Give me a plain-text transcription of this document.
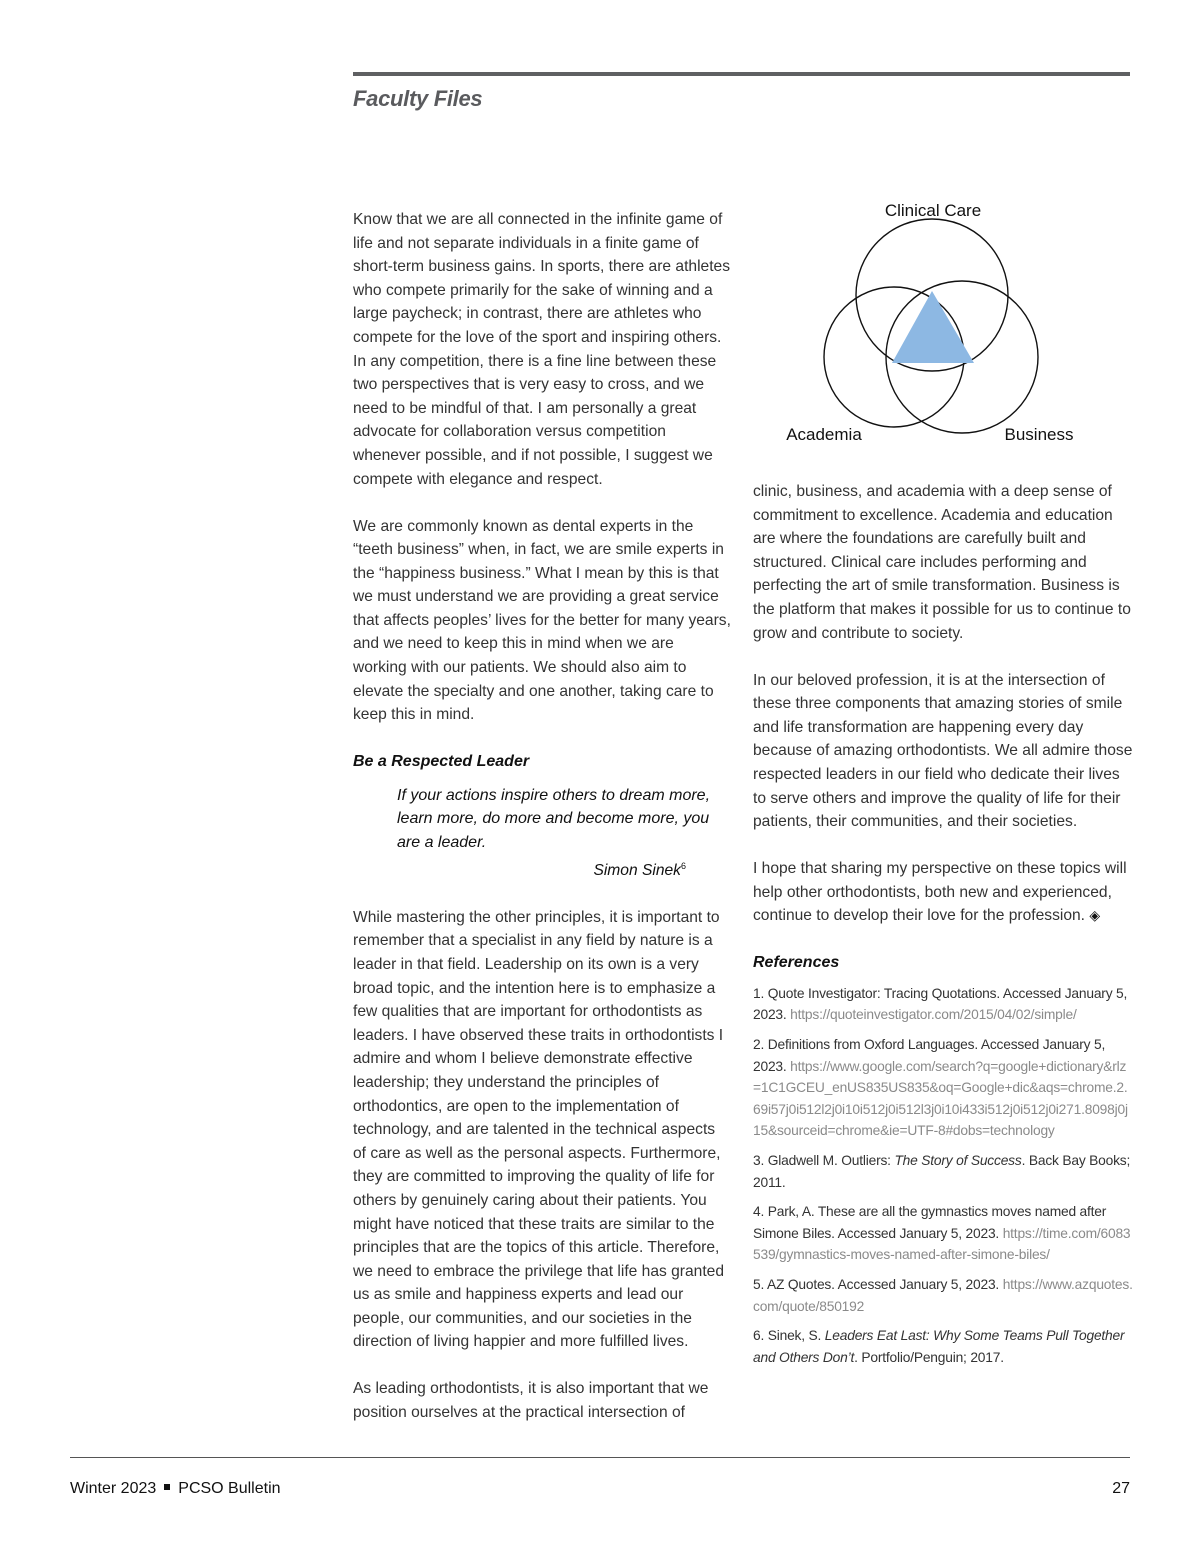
Faculty Files

Know that we are all connected in the infinite game of life and not separate individuals in a finite game of short-term business gains. In sports, there are athletes who compete primarily for the sake of winning and a large paycheck; in contrast, there are athletes who compete for the love of the sport and inspiring others. In any competition, there is a fine line between these two perspectives that is very easy to cross, and we need to be mindful of that. I am personally a great advocate for collaboration versus competition whenever possible, and if not possible, I suggest we compete with elegance and respect.

We are commonly known as dental experts in the “teeth business” when, in fact, we are smile experts in the “happiness business.” What I mean by this is that we must understand we are providing a great service that affects peoples’ lives for the better for many years, and we need to keep this in mind when we are working with our patients. We should also aim to elevate the specialty and one another, taking care to keep this in mind.

Be a Respected Leader
If your actions inspire others to dream more, learn more, do more and become more, you are a leader.
Simon Sinek$^6$

While mastering the other principles, it is important to remember that a specialist in any field by nature is a leader in that field. Leadership on its own is a very broad topic, and the intention here is to emphasize a few qualities that are important for orthodontists as leaders. I have observed these traits in orthodontists I admire and whom I believe demonstrate effective leadership; they understand the principles of orthodontics, are open to the implementation of technology, and are talented in the technical aspects of care as well as the personal aspects. Furthermore, they are committed to improving the quality of life for others by genuinely caring about their patients. You might have noticed that these traits are similar to the principles that are the topics of this article. Therefore, we need to embrace the privilege that life has granted us as smile and happiness experts and lead our people, our communities, and our societies in the direction of living happier and more fulfilled lives.

As leading orthodontists, it is also important that we position ourselves at the practical intersection of

Clinical Care
Academia	Business

clinic, business, and academia with a deep sense of commitment to excellence. Academia and education are where the foundations are carefully built and structured. Clinical care includes performing and perfecting the art of smile transformation. Business is the platform that makes it possible for us to continue to grow and contribute to society.

In our beloved profession, it is at the intersection of these three components that amazing stories of smile and life transformation are happening every day because of amazing orthodontists. We all admire those respected leaders in our field who dedicate their lives to serve others and improve the quality of life for their patients, their communities, and their societies.

I hope that sharing my perspective on these topics will help other orthodontists, both new and experienced, continue to develop their love for the profession. ◈

References
1. Quote Investigator: Tracing Quotations. Accessed January 5, 2023. https://quoteinvestigator.com/2015/04/02/simple/
2. Definitions from Oxford Languages. Accessed January 5, 2023. https://www.google.com/search?q=google+dictionary&rlz=1C1GCEU_enUS835US835&oq=Google+dic&aqs=chrome.2.69i57j0i512l2j0i10i512j0i512l3j0i10i433i512j0i512j0i271.8098j0j15&sourceid=chrome&ie=UTF-8#dobs=technology
3. Gladwell M. Outliers: The Story of Success. Back Bay Books; 2011.
4. Park, A. These are all the gymnastics moves named after Simone Biles. Accessed January 5, 2023. https://time.com/6083539/gymnastics-moves-named-after-simone-biles/
5. AZ Quotes. Accessed January 5, 2023. https://www.azquotes.com/quote/850192
6. Sinek, S. Leaders Eat Last: Why Some Teams Pull Together and Others Don’t. Portfolio/Penguin; 2017.
Winter 2023 PCSO Bulletin	27
